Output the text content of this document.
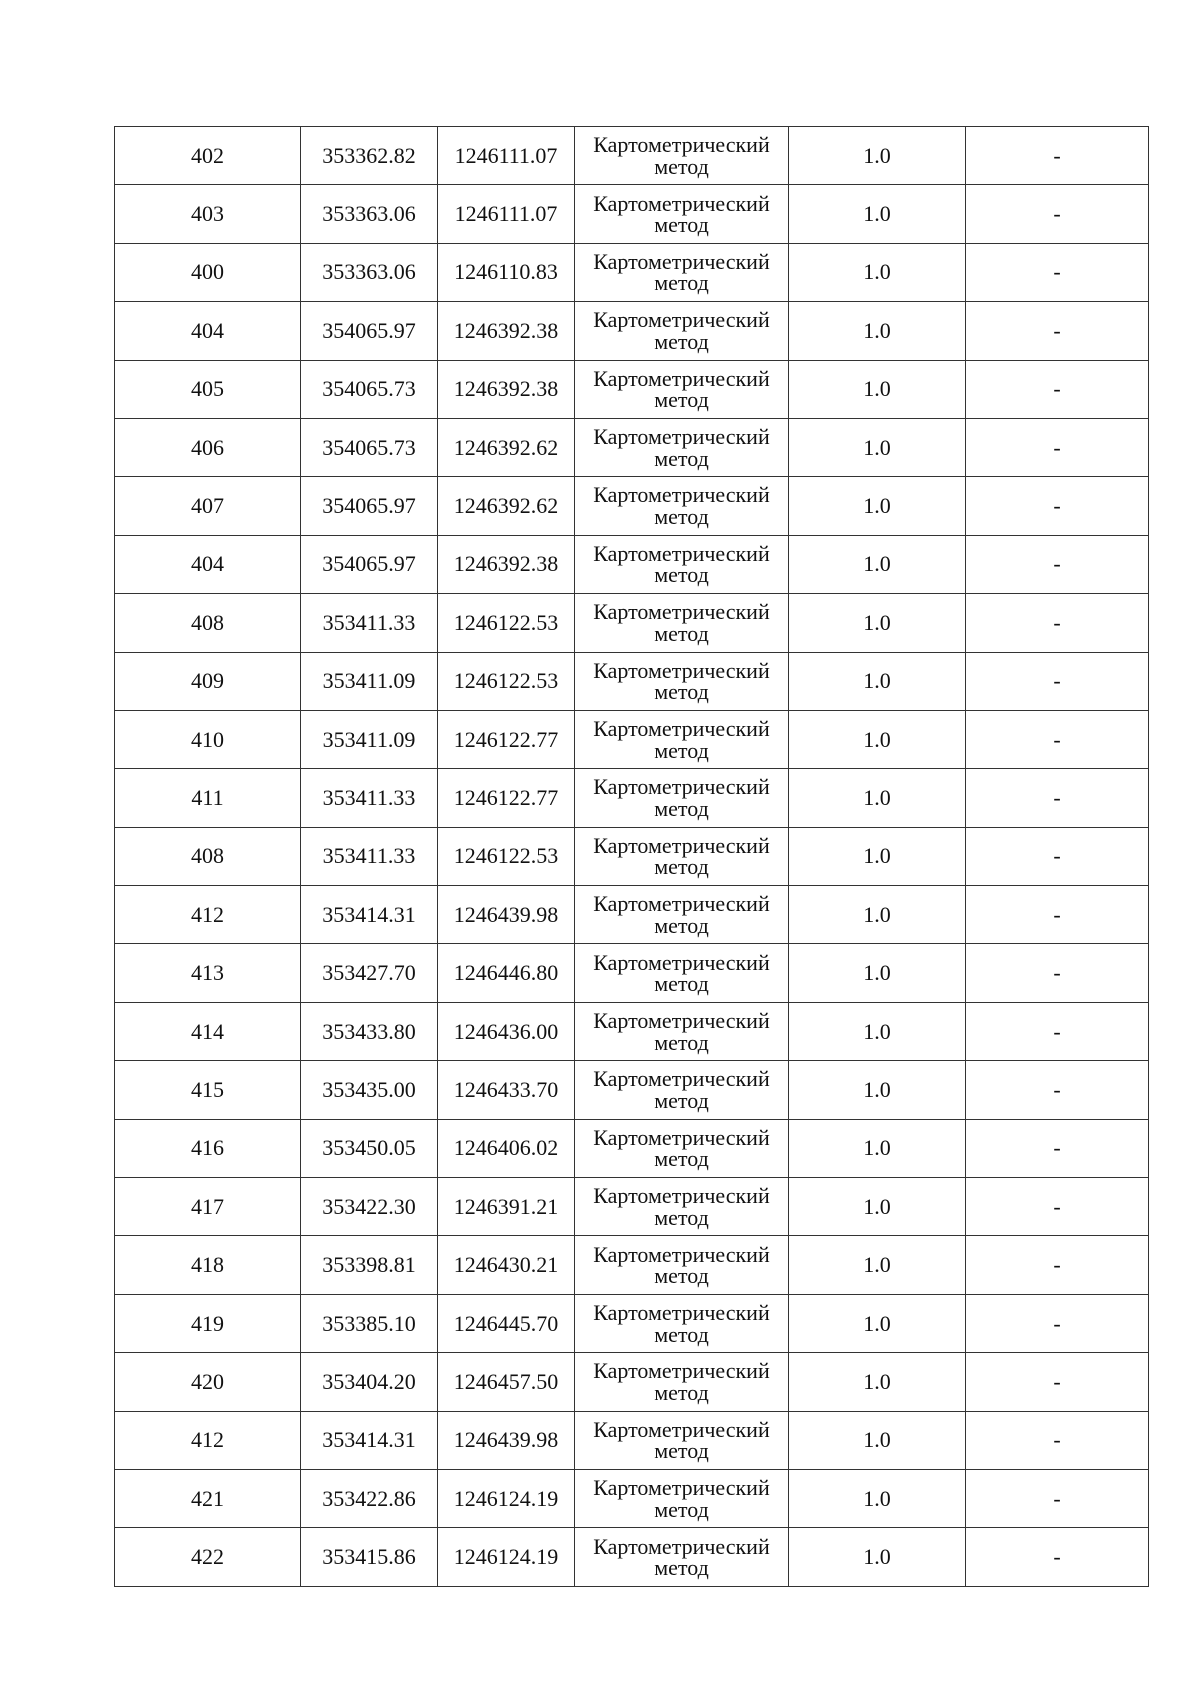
402	353362.82	1246111.07	Картометрический метод	1.0	-
403	353363.06	1246111.07	Картометрический метод	1.0	-
400	353363.06	1246110.83	Картометрический метод	1.0	-
404	354065.97	1246392.38	Картометрический метод	1.0	-
405	354065.73	1246392.38	Картометрический метод	1.0	-
406	354065.73	1246392.62	Картометрический метод	1.0	-
407	354065.97	1246392.62	Картометрический метод	1.0	-
404	354065.97	1246392.38	Картометрический метод	1.0	-
408	353411.33	1246122.53	Картометрический метод	1.0	-
409	353411.09	1246122.53	Картометрический метод	1.0	-
410	353411.09	1246122.77	Картометрический метод	1.0	-
411	353411.33	1246122.77	Картометрический метод	1.0	-
408	353411.33	1246122.53	Картометрический метод	1.0	-
412	353414.31	1246439.98	Картометрический метод	1.0	-
413	353427.70	1246446.80	Картометрический метод	1.0	-
414	353433.80	1246436.00	Картометрический метод	1.0	-
415	353435.00	1246433.70	Картометрический метод	1.0	-
416	353450.05	1246406.02	Картометрический метод	1.0	-
417	353422.30	1246391.21	Картометрический метод	1.0	-
418	353398.81	1246430.21	Картометрический метод	1.0	-
419	353385.10	1246445.70	Картометрический метод	1.0	-
420	353404.20	1246457.50	Картометрический метод	1.0	-
412	353414.31	1246439.98	Картометрический метод	1.0	-
421	353422.86	1246124.19	Картометрический метод	1.0	-
422	353415.86	1246124.19	Картометрический метод	1.0	-
